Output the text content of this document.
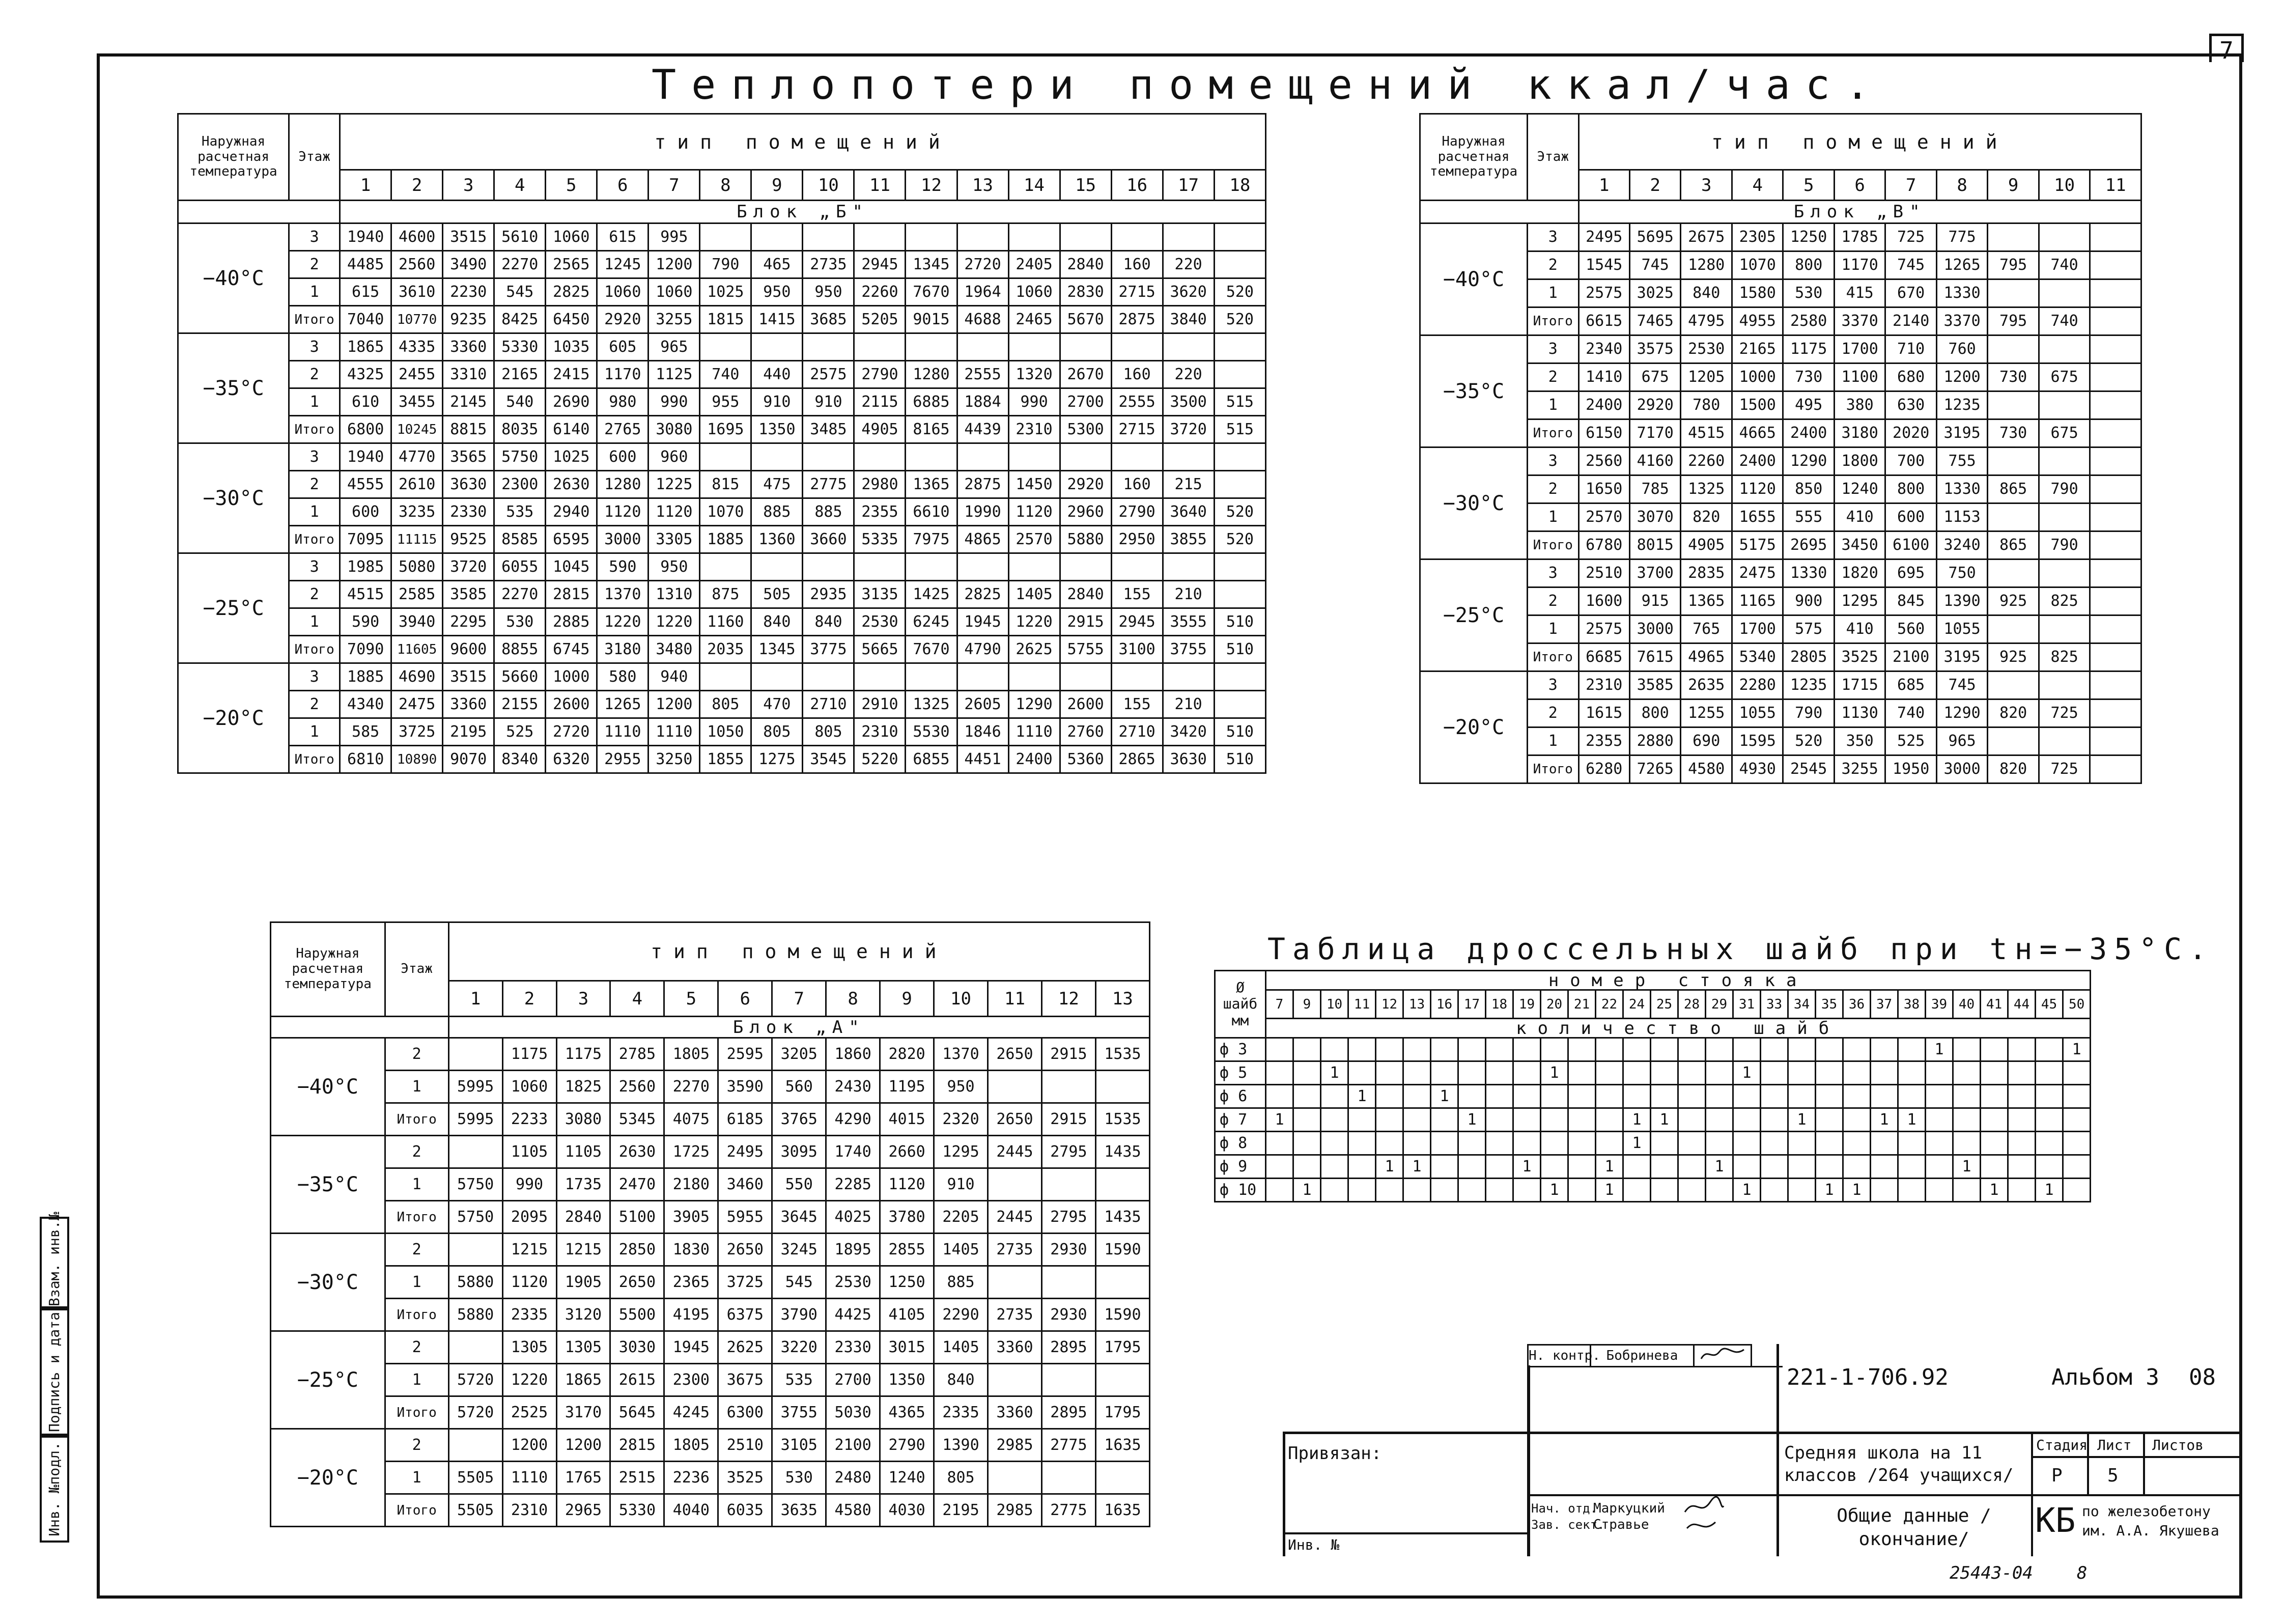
7
Теплопотери помещений ккал/час.
Инв. №подл.
Подпись и дата
Взам. инв.№
Наружная расчетная температура	Этаж	тип помещений																	
		1	2	3	4	5	6	7	8	9	10	11	12	13	14	15	16	17	18
		Блок „Б"																	
−40°С	3	1940	4600	3515	5610	1060	615	995											
	2	4485	2560	3490	2270	2565	1245	1200	790	465	2735	2945	1345	2720	2405	2840	160	220	
	1	615	3610	2230	545	2825	1060	1060	1025	950	950	2260	7670	1964	1060	2830	2715	3620	520
	Итого	7040	10770	9235	8425	6450	2920	3255	1815	1415	3685	5205	9015	4688	2465	5670	2875	3840	520
−35°С	3	1865	4335	3360	5330	1035	605	965											
	2	4325	2455	3310	2165	2415	1170	1125	740	440	2575	2790	1280	2555	1320	2670	160	220	
	1	610	3455	2145	540	2690	980	990	955	910	910	2115	6885	1884	990	2700	2555	3500	515
	Итого	6800	10245	8815	8035	6140	2765	3080	1695	1350	3485	4905	8165	4439	2310	5300	2715	3720	515
−30°С	3	1940	4770	3565	5750	1025	600	960											
	2	4555	2610	3630	2300	2630	1280	1225	815	475	2775	2980	1365	2875	1450	2920	160	215	
	1	600	3235	2330	535	2940	1120	1120	1070	885	885	2355	6610	1990	1120	2960	2790	3640	520
	Итого	7095	11115	9525	8585	6595	3000	3305	1885	1360	3660	5335	7975	4865	2570	5880	2950	3855	520
−25°С	3	1985	5080	3720	6055	1045	590	950											
	2	4515	2585	3585	2270	2815	1370	1310	875	505	2935	3135	1425	2825	1405	2840	155	210	
	1	590	3940	2295	530	2885	1220	1220	1160	840	840	2530	6245	1945	1220	2915	2945	3555	510
	Итого	7090	11605	9600	8855	6745	3180	3480	2035	1345	3775	5665	7670	4790	2625	5755	3100	3755	510
−20°С	3	1885	4690	3515	5660	1000	580	940											
	2	4340	2475	3360	2155	2600	1265	1200	805	470	2710	2910	1325	2605	1290	2600	155	210	
	1	585	3725	2195	525	2720	1110	1110	1050	805	805	2310	5530	1846	1110	2760	2710	3420	510
	Итого	6810	10890	9070	8340	6320	2955	3250	1855	1275	3545	5220	6855	4451	2400	5360	2865	3630	510
Наружная расчетная температура	Этаж	тип помещений										
		1	2	3	4	5	6	7	8	9	10	11
		Блок „В"										
−40°С	3	2495	5695	2675	2305	1250	1785	725	775			
	2	1545	745	1280	1070	800	1170	745	1265	795	740	
	1	2575	3025	840	1580	530	415	670	1330			
	Итого	6615	7465	4795	4955	2580	3370	2140	3370	795	740	
−35°С	3	2340	3575	2530	2165	1175	1700	710	760			
	2	1410	675	1205	1000	730	1100	680	1200	730	675	
	1	2400	2920	780	1500	495	380	630	1235			
	Итого	6150	7170	4515	4665	2400	3180	2020	3195	730	675	
−30°С	3	2560	4160	2260	2400	1290	1800	700	755			
	2	1650	785	1325	1120	850	1240	800	1330	865	790	
	1	2570	3070	820	1655	555	410	600	1153			
	Итого	6780	8015	4905	5175	2695	3450	6100	3240	865	790	
−25°С	3	2510	3700	2835	2475	1330	1820	695	750			
	2	1600	915	1365	1165	900	1295	845	1390	925	825	
	1	2575	3000	765	1700	575	410	560	1055			
	Итого	6685	7615	4965	5340	2805	3525	2100	3195	925	825	
−20°С	3	2310	3585	2635	2280	1235	1715	685	745			
	2	1615	800	1255	1055	790	1130	740	1290	820	725	
	1	2355	2880	690	1595	520	350	525	965			
	Итого	6280	7265	4580	4930	2545	3255	1950	3000	820	725	
Наружная расчетная температура	Этаж	тип помещений												
		1	2	3	4	5	6	7	8	9	10	11	12	13
		Блок „А"												
−40°С	2		1175	1175	2785	1805	2595	3205	1860	2820	1370	2650	2915	1535
	1	5995	1060	1825	2560	2270	3590	560	2430	1195	950			
	Итого	5995	2233	3080	5345	4075	6185	3765	4290	4015	2320	2650	2915	1535
−35°С	2		1105	1105	2630	1725	2495	3095	1740	2660	1295	2445	2795	1435
	1	5750	990	1735	2470	2180	3460	550	2285	1120	910			
	Итого	5750	2095	2840	5100	3905	5955	3645	4025	3780	2205	2445	2795	1435
−30°С	2		1215	1215	2850	1830	2650	3245	1895	2855	1405	2735	2930	1590
	1	5880	1120	1905	2650	2365	3725	545	2530	1250	885			
	Итого	5880	2335	3120	5500	4195	6375	3790	4425	4105	2290	2735	2930	1590
−25°С	2		1305	1305	3030	1945	2625	3220	2330	3015	1405	3360	2895	1795
	1	5720	1220	1865	2615	2300	3675	535	2700	1350	840			
	Итого	5720	2525	3170	5645	4245	6300	3755	5030	4365	2335	3360	2895	1795
−20°С	2		1200	1200	2815	1805	2510	3105	2100	2790	1390	2985	2775	1635
	1	5505	1110	1765	2515	2236	3525	530	2480	1240	805			
	Итого	5505	2310	2965	5330	4040	6035	3635	4580	4030	2195	2985	2775	1635
Таблица дроссельных шайб при tн=−35°С.
Ø шайб мм	номер стояка																													
	7	9	10	11	12	13	16	17	18	19	20	21	22	24	25	28	29	31	33	34	35	36	37	38	39	40	41	44	45	50
	количество шайб																													
ф 3																									1					1
ф 5			1								1							1												
ф 6				1			1																							
ф 7	1							1						1	1					1			1	1						
ф 8														1																
ф 9					1	1				1			1				1									1				
ф 10		1									1		1					1			1	1					1		1	
Н. контр.	Бобринева		
221-1-706.92	Альбом 3 08
Привязан:
Инв. №
Нач. отд.
Зав. сект.
Маркуцкий
Стравье
Средняя школа на 11 классов /264 учащихся/
Стадия Лист Листов
Р 5
Общие данные /окончание/	КБ по железобетону им. А.А. Якушева
25443-04	8
